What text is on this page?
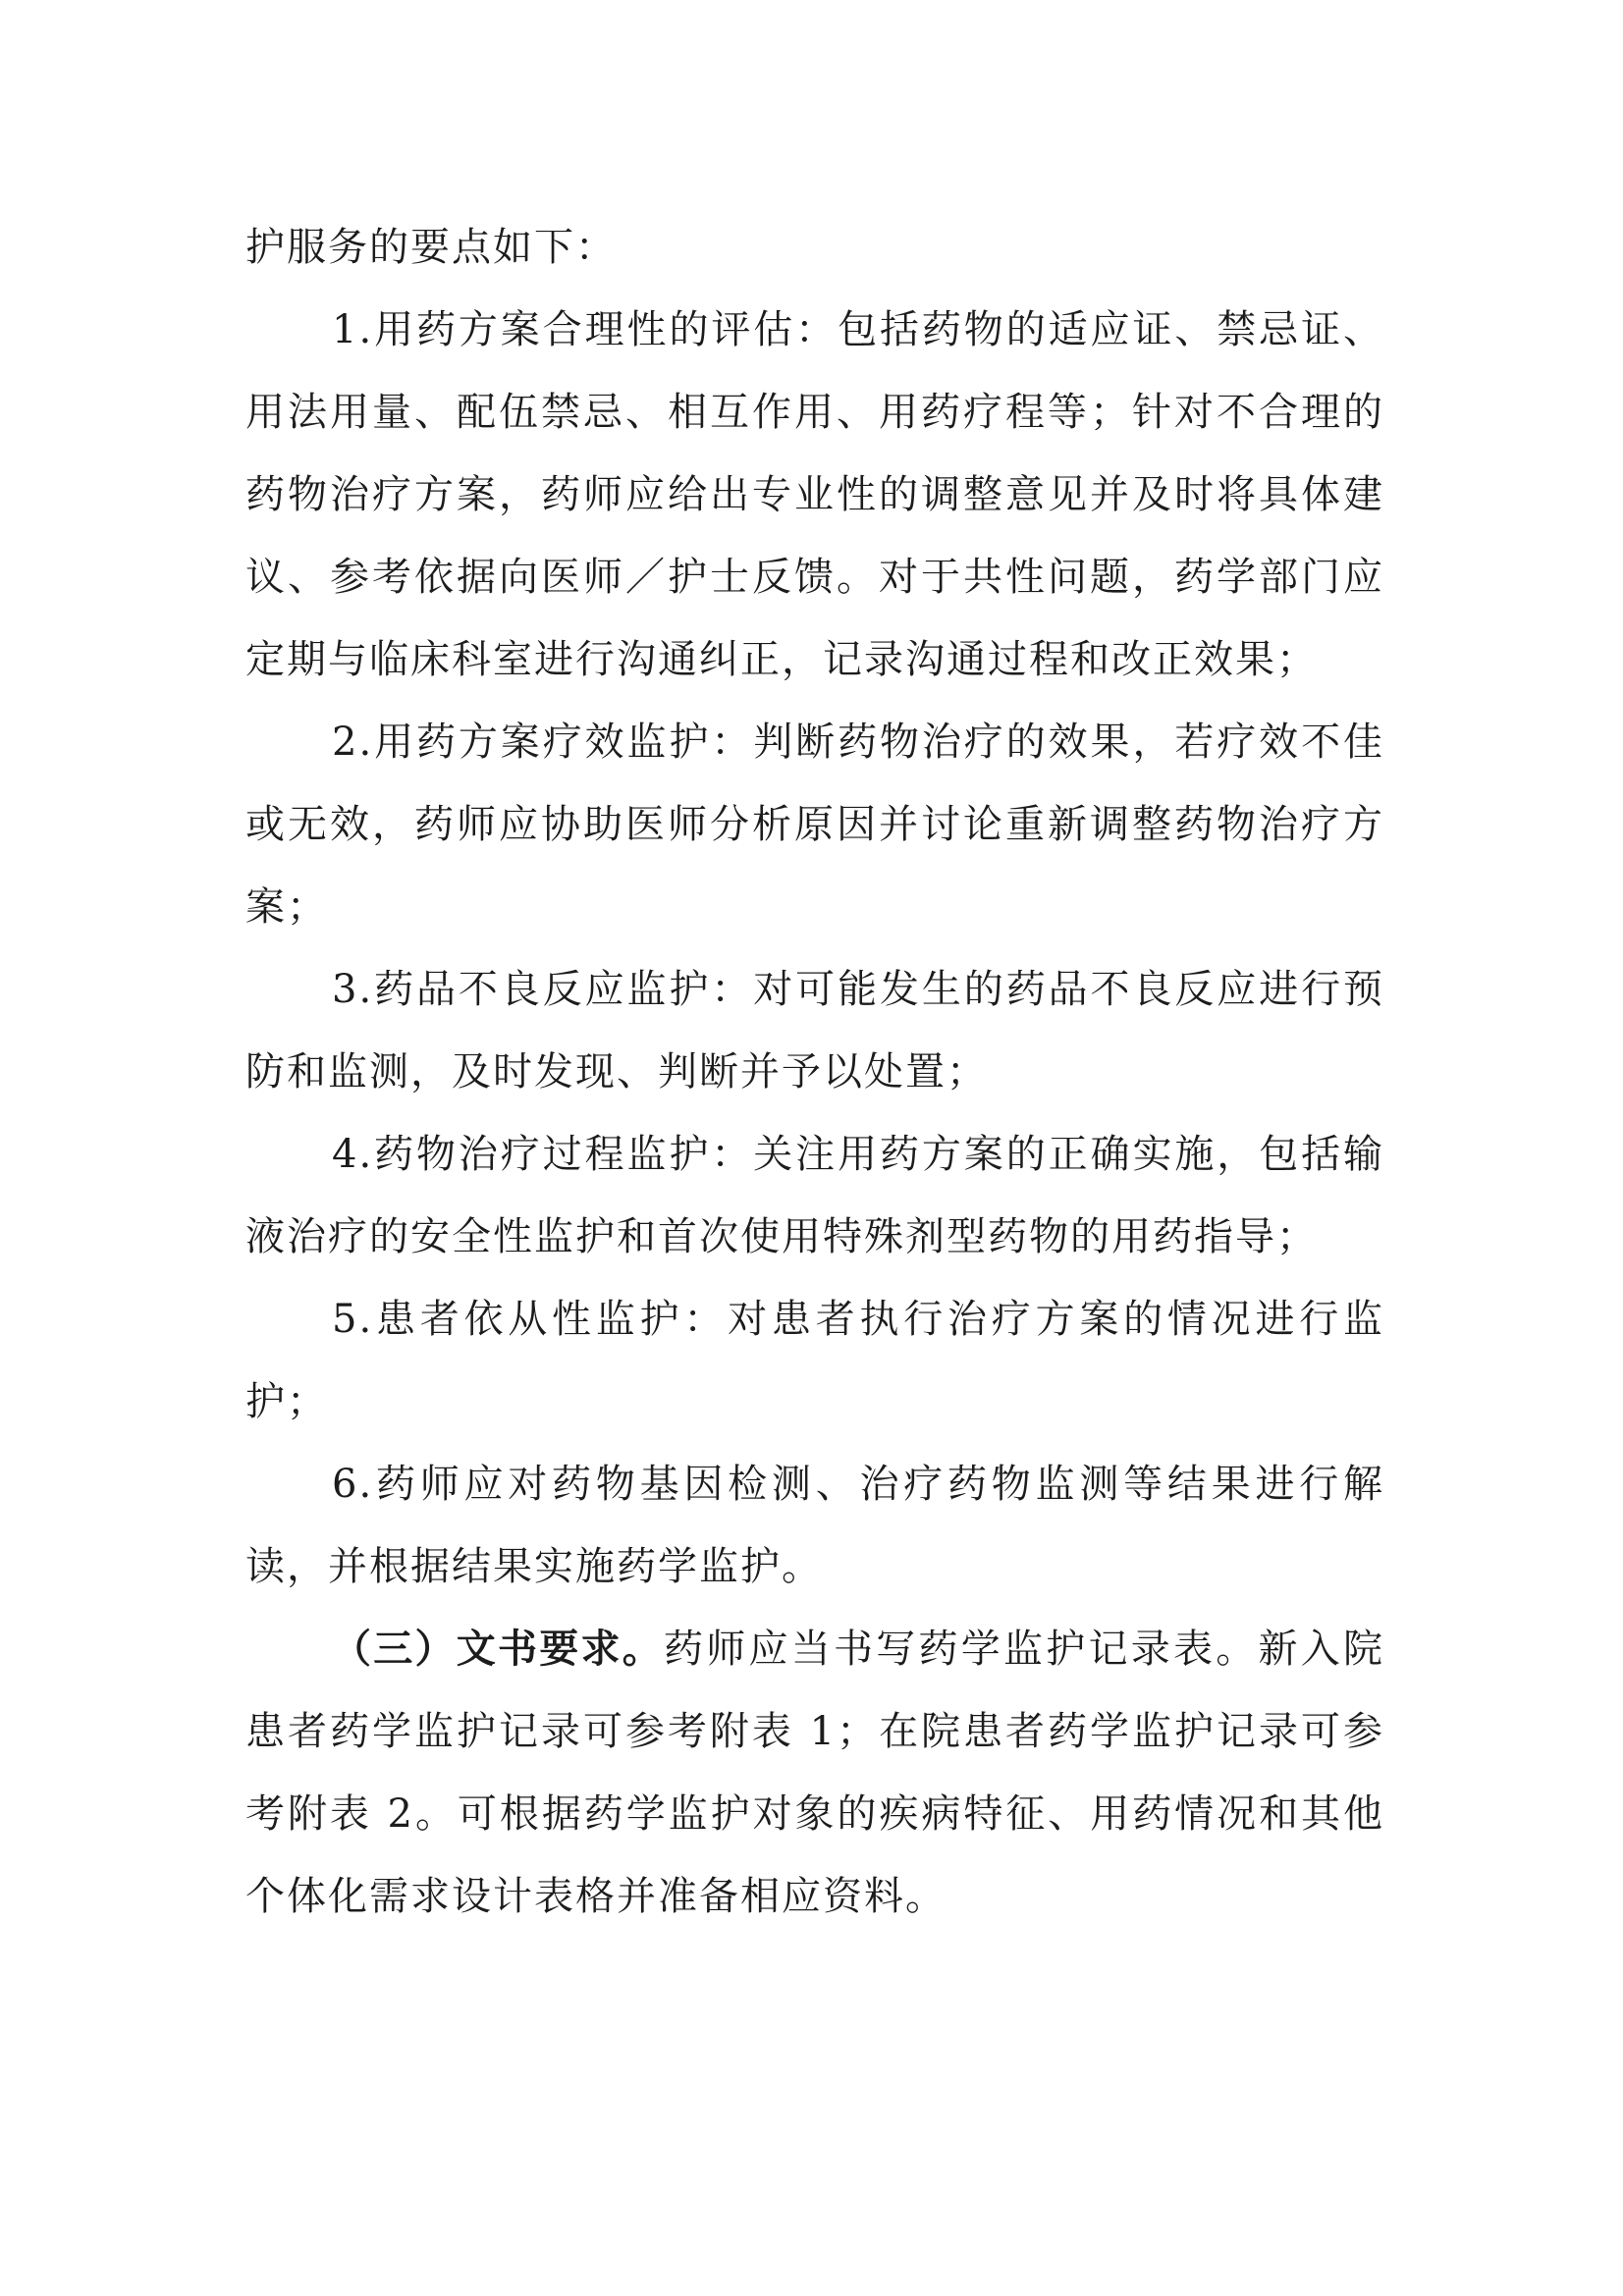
护服务的要点如下：

1.用药方案合理性的评估：包括药物的适应证、禁忌证、用法用量、配伍禁忌、相互作用、用药疗程等；针对不合理的药物治疗方案，药师应给出专业性的调整意见并及时将具体建议、参考依据向医师／护士反馈。对于共性问题，药学部门应定期与临床科室进行沟通纠正，记录沟通过程和改正效果；

2.用药方案疗效监护：判断药物治疗的效果，若疗效不佳或无效，药师应协助医师分析原因并讨论重新调整药物治疗方案；

3.药品不良反应监护：对可能发生的药品不良反应进行预防和监测，及时发现、判断并予以处置；

4.药物治疗过程监护：关注用药方案的正确实施，包括输液治疗的安全性监护和首次使用特殊剂型药物的用药指导；

5.患者依从性监护：对患者执行治疗方案的情况进行监护；

6.药师应对药物基因检测、治疗药物监测等结果进行解读，并根据结果实施药学监护。

（三）文书要求。药师应当书写药学监护记录表。新入院患者药学监护记录可参考附表 1；在院患者药学监护记录可参考附表 2。可根据药学监护对象的疾病特征、用药情况和其他个体化需求设计表格并准备相应资料。
